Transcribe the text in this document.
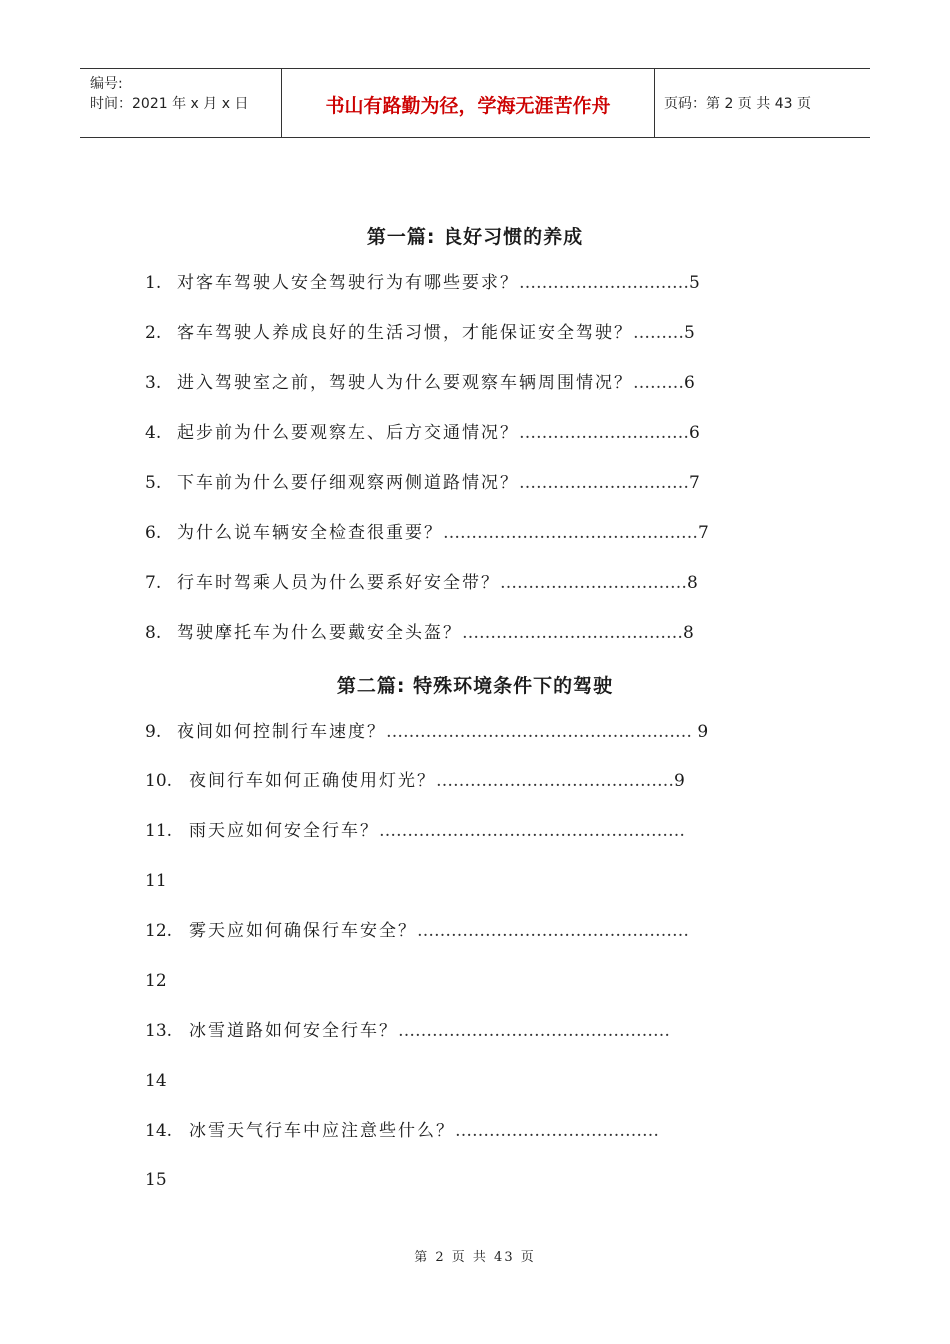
编号:
时间：2021 年 x 月 x 日	书山有路勤为径，学海无涯苦作舟	页码：第 2 页 共 43 页
第一篇: 良好习惯的养成
1. 对客车驾驶人安全驾驶行为有哪些要求？…………………………5
2. 客车驾驶人养成良好的生活习惯，才能保证安全驾驶？………5
3. 进入驾驶室之前，驾驶人为什么要观察车辆周围情况？………6
4. 起步前为什么要观察左、后方交通情况？…………………………6
5. 下车前为什么要仔细观察两侧道路情况？…………………………7
6. 为什么说车辆安全检查很重要？………………………………………7
7. 行车时驾乘人员为什么要系好安全带？……………………………8
8. 驾驶摩托车为什么要戴安全头盔？…………………………………8
第二篇: 特殊环境条件下的驾驶
9. 夜间如何控制行车速度？……………………………………………… 9
10. 夜间行车如何正确使用灯光？……………………………………9
11. 雨天应如何安全行车？………………………………………………
11
12. 雾天应如何确保行车安全？…………………………………………
12
13. 冰雪道路如何安全行车？…………………………………………
14
14. 冰雪天气行车中应注意些什么？………………………………
15
第 2 页 共 43 页
